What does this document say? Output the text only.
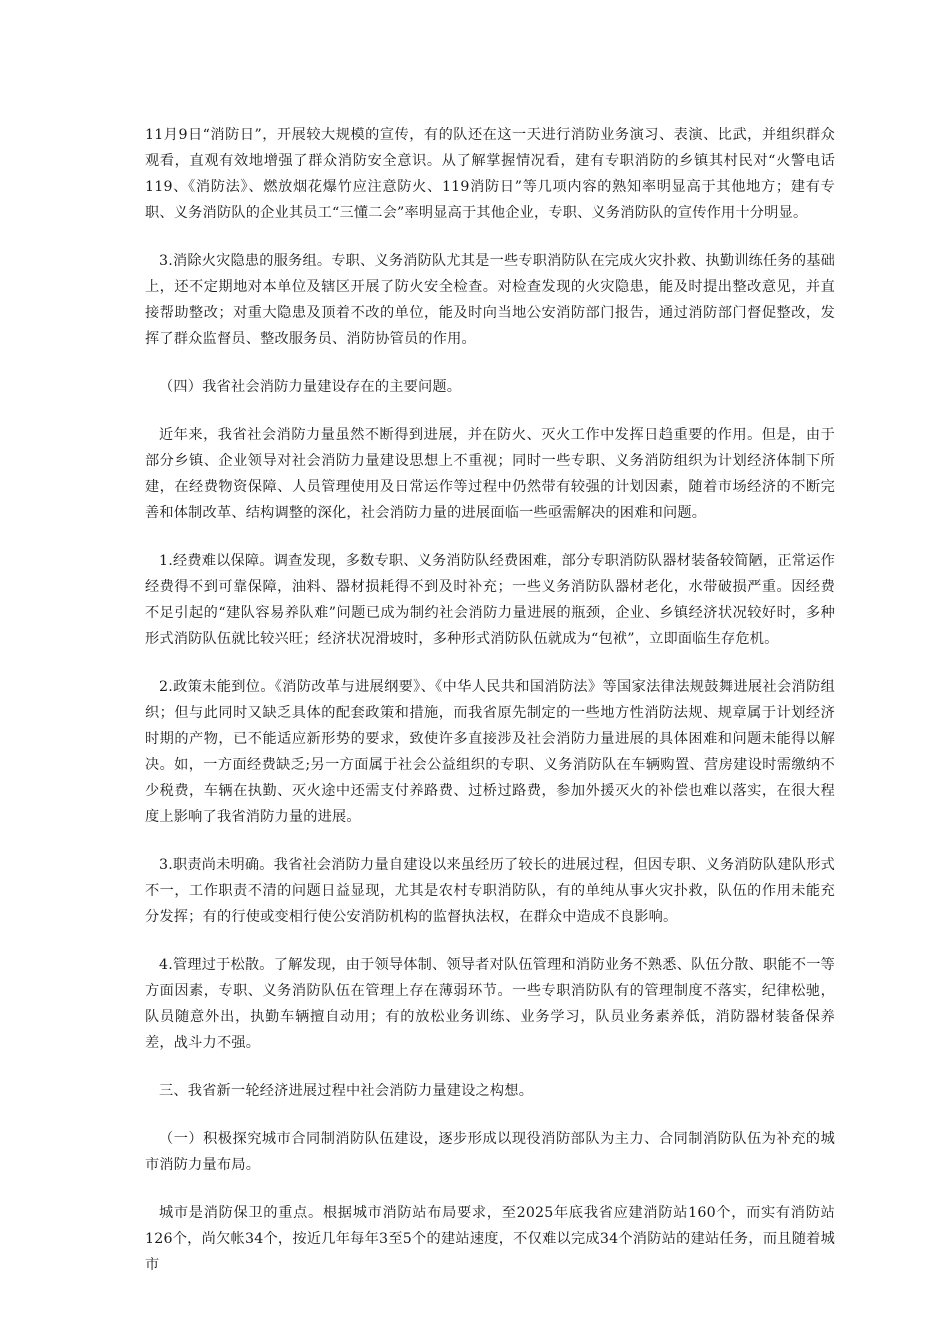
11月9日“消防日”，开展较大规模的宣传，有的队还在这一天进行消防业务演习、表演、比武，并组织群众观看，直观有效地增强了群众消防安全意识。从了解掌握情况看，建有专职消防的乡镇其村民对“火警电话119、《消防法》、燃放烟花爆竹应注意防火、119消防日”等几项内容的熟知率明显高于其他地方；建有专职、义务消防队的企业其员工“三懂二会”率明显高于其他企业，专职、义务消防队的宣传作用十分明显。

3.消除火灾隐患的服务组。专职、义务消防队尤其是一些专职消防队在完成火灾扑救、执勤训练任务的基础上，还不定期地对本单位及辖区开展了防火安全检查。对检查发现的火灾隐患，能及时提出整改意见，并直接帮助整改；对重大隐患及顶着不改的单位，能及时向当地公安消防部门报告，通过消防部门督促整改，发挥了群众监督员、整改服务员、消防协管员的作用。

（四）我省社会消防力量建设存在的主要问题。

近年来，我省社会消防力量虽然不断得到进展，并在防火、灭火工作中发挥日趋重要的作用。但是，由于部分乡镇、企业领导对社会消防力量建设思想上不重视；同时一些专职、义务消防组织为计划经济体制下所建，在经费物资保障、人员管理使用及日常运作等过程中仍然带有较强的计划因素，随着市场经济的不断完善和体制改革、结构调整的深化，社会消防力量的进展面临一些亟需解决的困难和问题。

1.经费难以保障。调查发现，多数专职、义务消防队经费困难，部分专职消防队器材装备较简陋，正常运作经费得不到可靠保障，油料、器材损耗得不到及时补充；一些义务消防队器材老化，水带破损严重。因经费不足引起的“建队容易养队难”问题已成为制约社会消防力量进展的瓶颈，企业、乡镇经济状况较好时，多种形式消防队伍就比较兴旺；经济状况滑坡时，多种形式消防队伍就成为“包袱”，立即面临生存危机。

2.政策未能到位。《消防改革与进展纲要》、《中华人民共和国消防法》等国家法律法规鼓舞进展社会消防组织；但与此同时又缺乏具体的配套政策和措施，而我省原先制定的一些地方性消防法规、规章属于计划经济时期的产物，已不能适应新形势的要求，致使许多直接涉及社会消防力量进展的具体困难和问题未能得以解决。如，一方面经费缺乏;另一方面属于社会公益组织的专职、义务消防队在车辆购置、营房建设时需缴纳不少税费，车辆在执勤、灭火途中还需支付养路费、过桥过路费，参加外援灭火的补偿也难以落实，在很大程度上影响了我省消防力量的进展。

3.职责尚未明确。我省社会消防力量自建设以来虽经历了较长的进展过程，但因专职、义务消防队建队形式不一，工作职责不清的问题日益显现，尤其是农村专职消防队，有的单纯从事火灾扑救，队伍的作用未能充分发挥；有的行使或变相行使公安消防机构的监督执法权，在群众中造成不良影响。

4.管理过于松散。了解发现，由于领导体制、领导者对队伍管理和消防业务不熟悉、队伍分散、职能不一等方面因素，专职、义务消防队伍在管理上存在薄弱环节。一些专职消防队有的管理制度不落实，纪律松驰，队员随意外出，执勤车辆擅自动用；有的放松业务训练、业务学习，队员业务素养低，消防器材装备保养差，战斗力不强。

三、我省新一轮经济进展过程中社会消防力量建设之构想。

（一）积极探究城市合同制消防队伍建设，逐步形成以现役消防部队为主力、合同制消防队伍为补充的城市消防力量布局。

城市是消防保卫的重点。根据城市消防站布局要求，至2025年底我省应建消防站160个，而实有消防站126个，尚欠帐34个，按近几年每年3至5个的建站速度，不仅难以完成34个消防站的建站任务，而且随着城市
